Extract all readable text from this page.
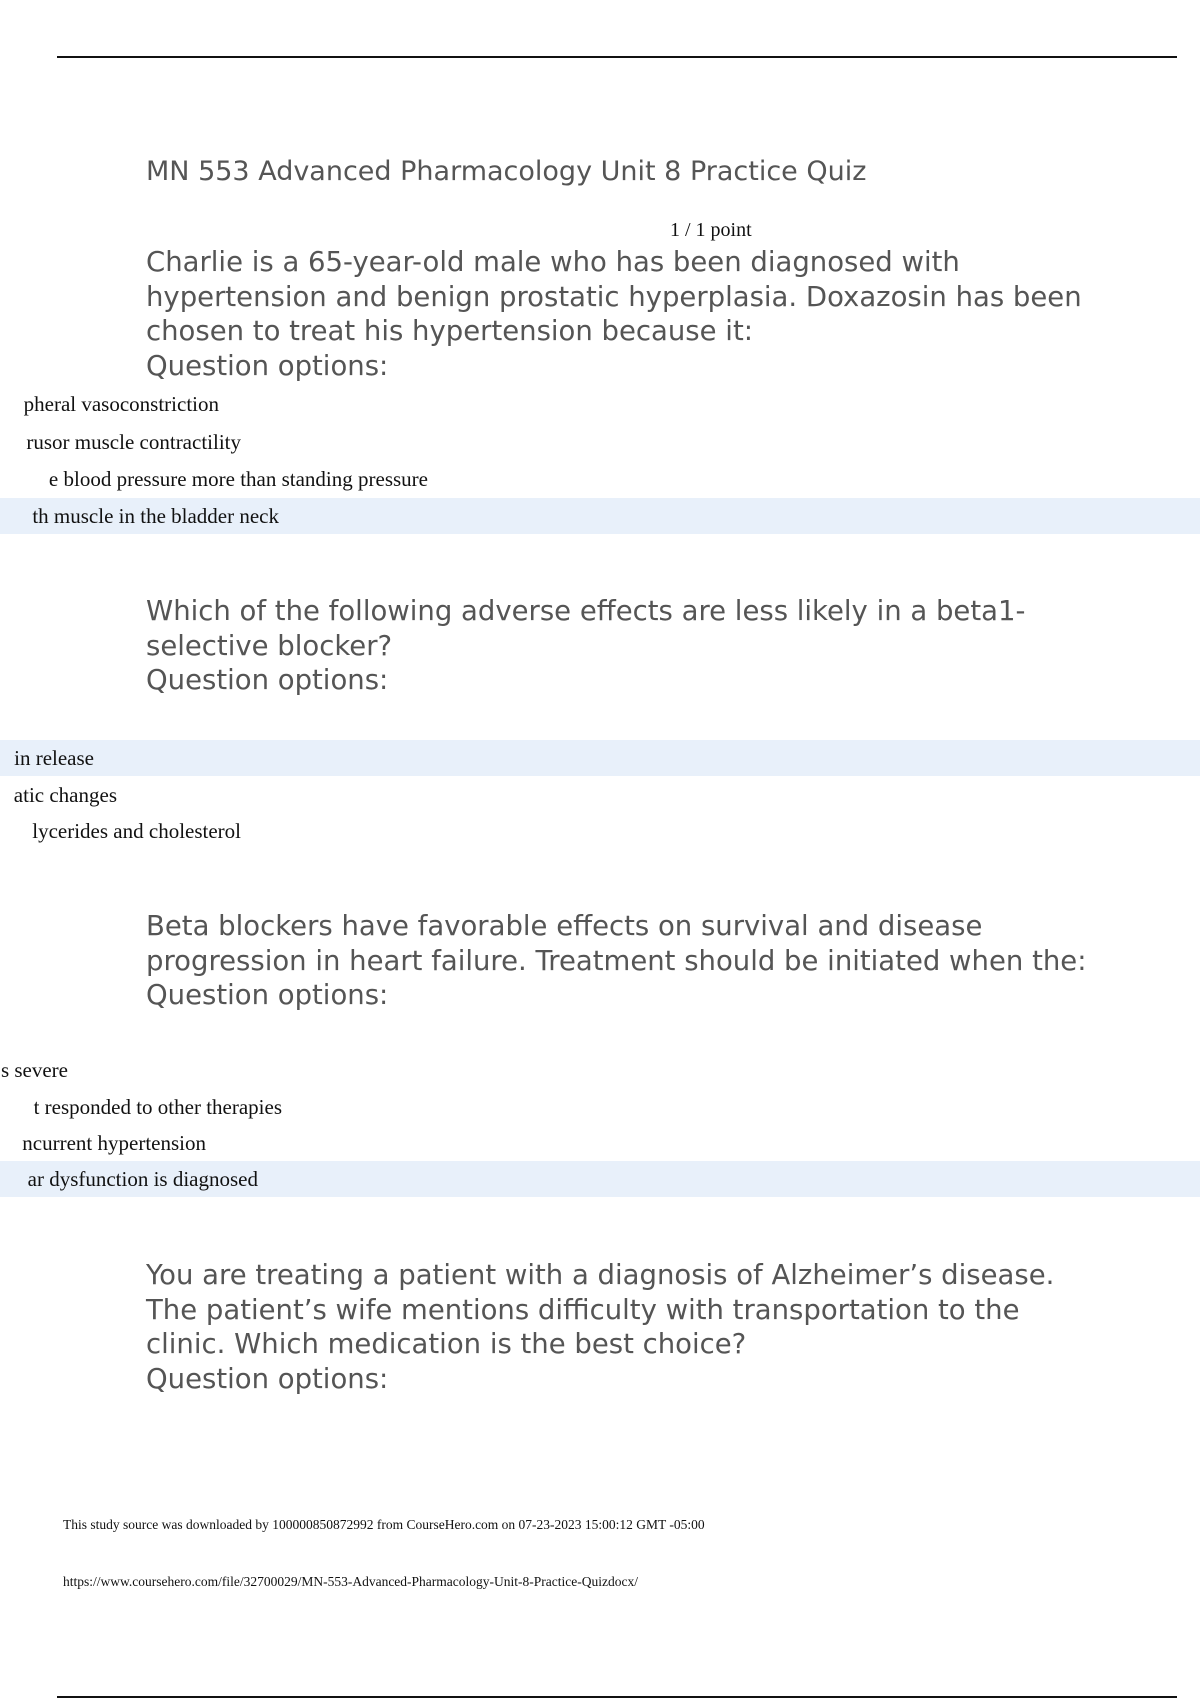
MN 553 Advanced Pharmacology Unit 8 Practice Quiz
1 / 1 point
Charlie is a 65-year-old male who has been diagnosed with hypertension and benign prostatic hyperplasia. Doxazosin has been chosen to treat his hypertension because it:
Question options:
pheral vasoconstriction
rusor muscle contractility
e blood pressure more than standing pressure
th muscle in the bladder neck
Which of the following adverse effects are less likely in a beta1-selective blocker?
Question options:
in release
atic changes
lycerides and cholesterol
Beta blockers have favorable effects on survival and disease progression in heart failure. Treatment should be initiated when the:
Question options:
s severe
t responded to other therapies
ncurrent hypertension
ar dysfunction is diagnosed
You are treating a patient with a diagnosis of Alzheimer’s disease. The patient’s wife mentions difficulty with transportation to the clinic. Which medication is the best choice?
Question options:
This study source was downloaded by 100000850872992 from CourseHero.com on 07-23-2023 15:00:12 GMT -05:00
https://www.coursehero.com/file/32700029/MN-553-Advanced-Pharmacology-Unit-8-Practice-Quizdocx/
